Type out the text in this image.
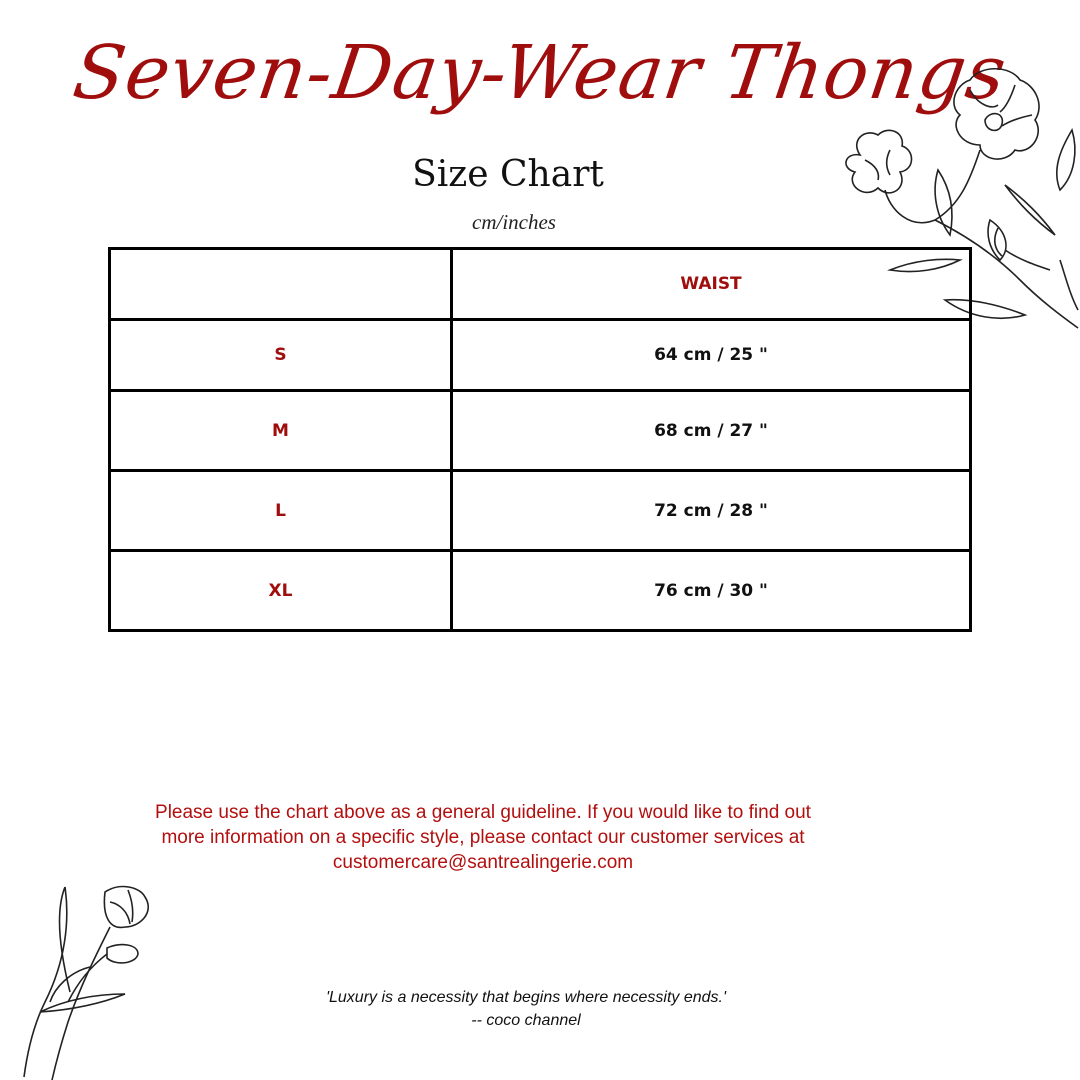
Seven-Day-Wear Thongs
Size Chart
cm/inches
	WAIST
S	64 cm / 25 "
M	68 cm / 27 "
L	72 cm / 28 "
XL	76 cm / 30 "
Please use the chart above as a general guideline. If you would like to find out
more information on a specific style, please contact our customer services at
customercare@santrealingerie.com
'Luxury is a necessity that begins where necessity ends.'
-- coco channel
